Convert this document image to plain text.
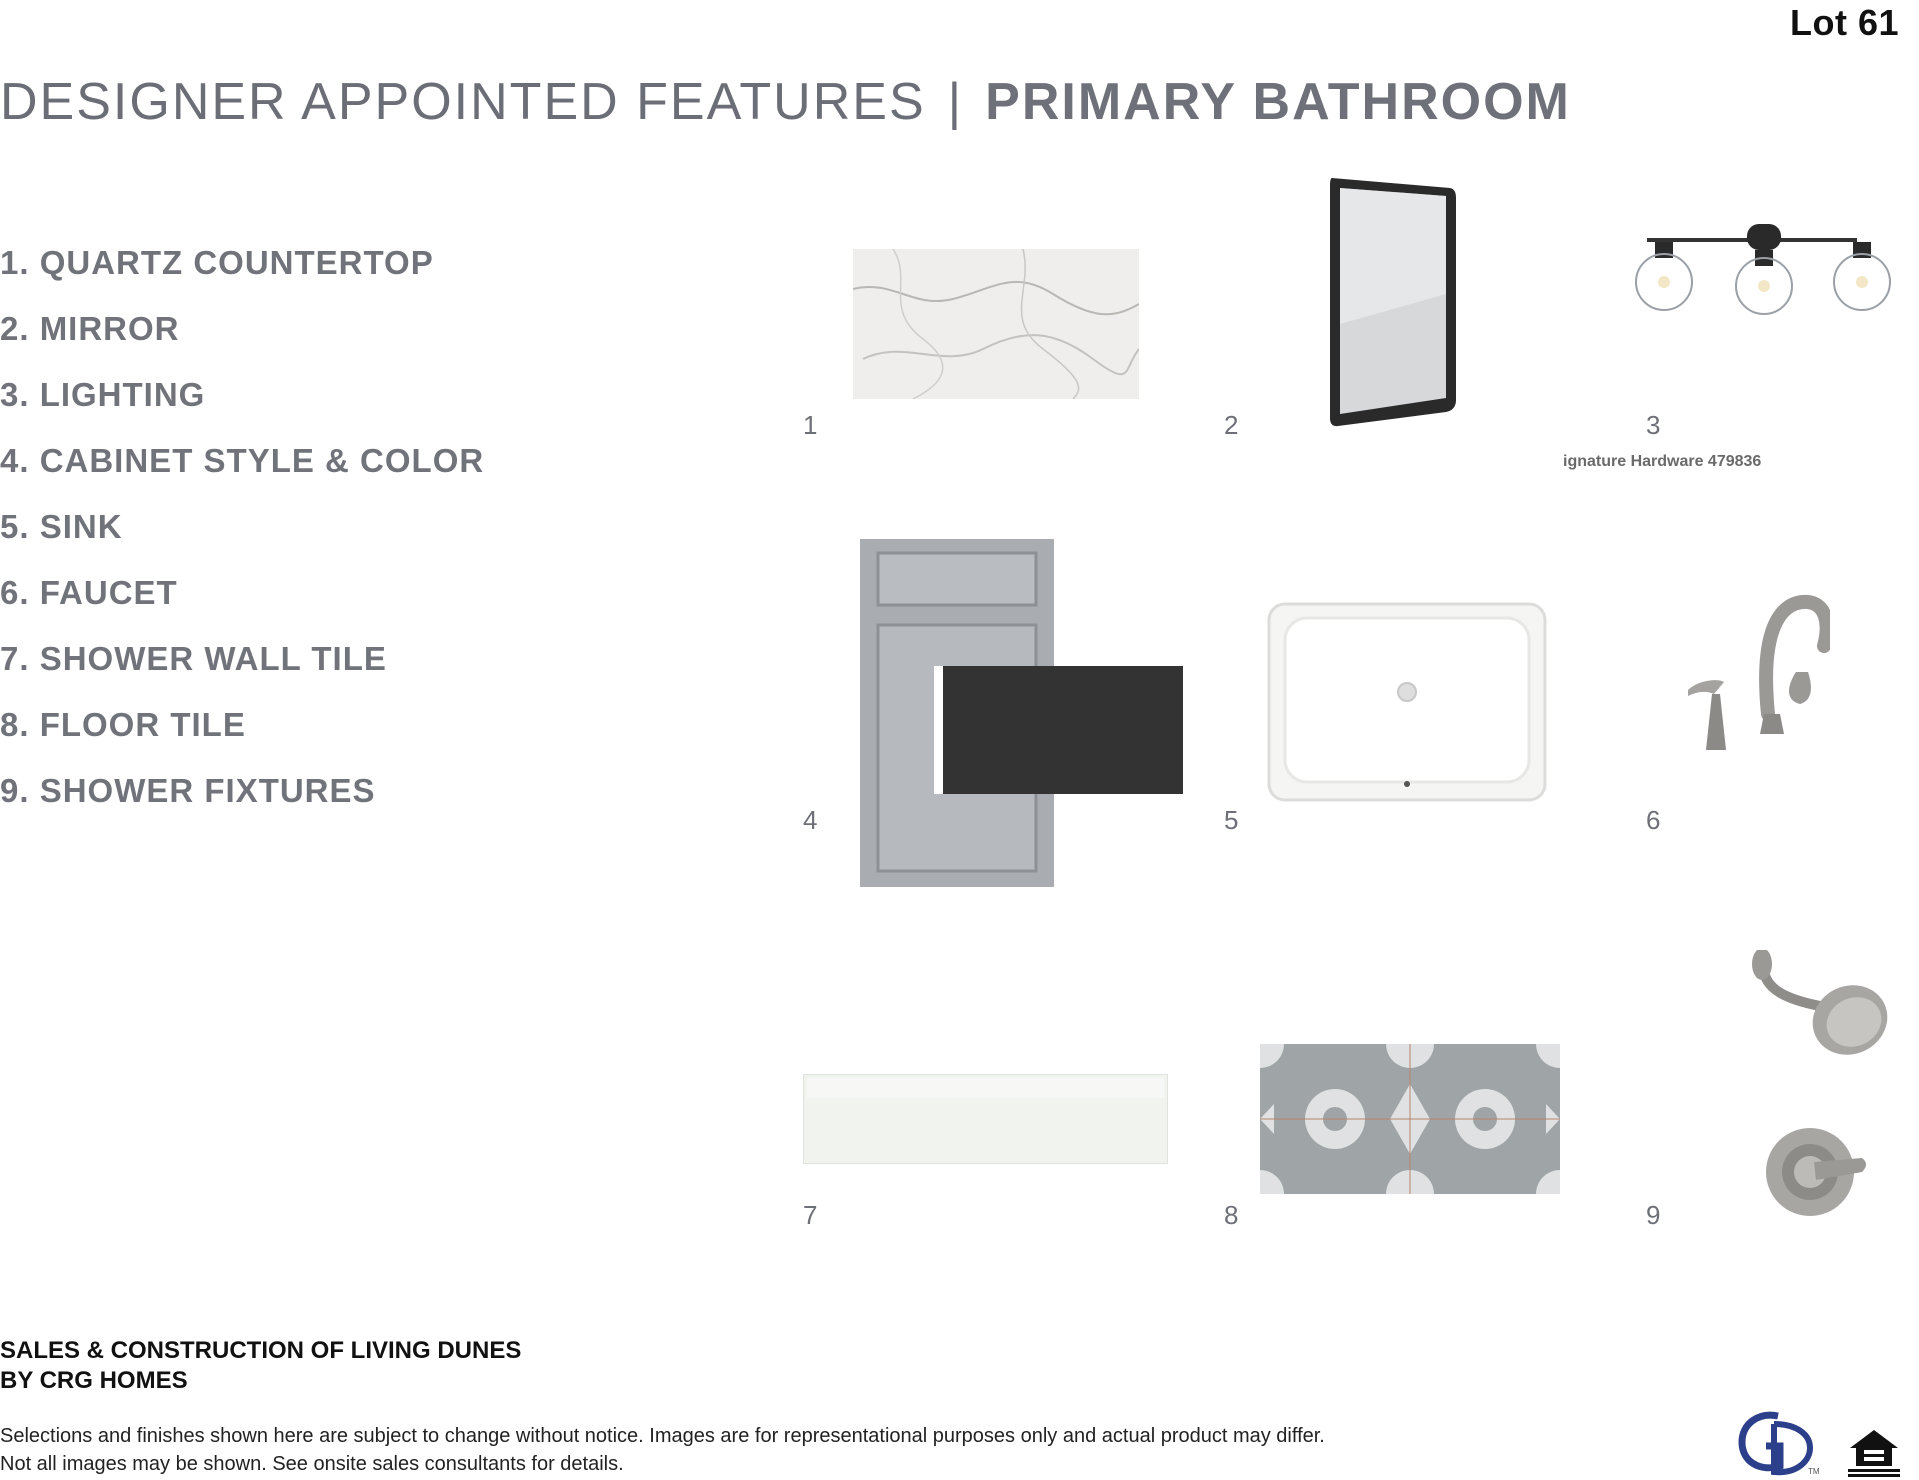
Lot 61
DESIGNER APPOINTED FEATURES | PRIMARY BATHROOM
1. QUARTZ COUNTERTOP
2. MIRROR
3. LIGHTING
4. CABINET STYLE & COLOR
5. SINK
6. FAUCET
7. SHOWER WALL TILE
8. FLOOR TILE
9. SHOWER FIXTURES
ignature Hardware 479836
1	2	3
4	5	6
7	8	9
SALES & CONSTRUCTION OF LIVING DUNES
BY CRG HOMES
Selections and finishes shown here are subject to change without notice. Images are for representational purposes only and actual product may differ.
Not all images may be shown. See onsite sales consultants for details.	TM
